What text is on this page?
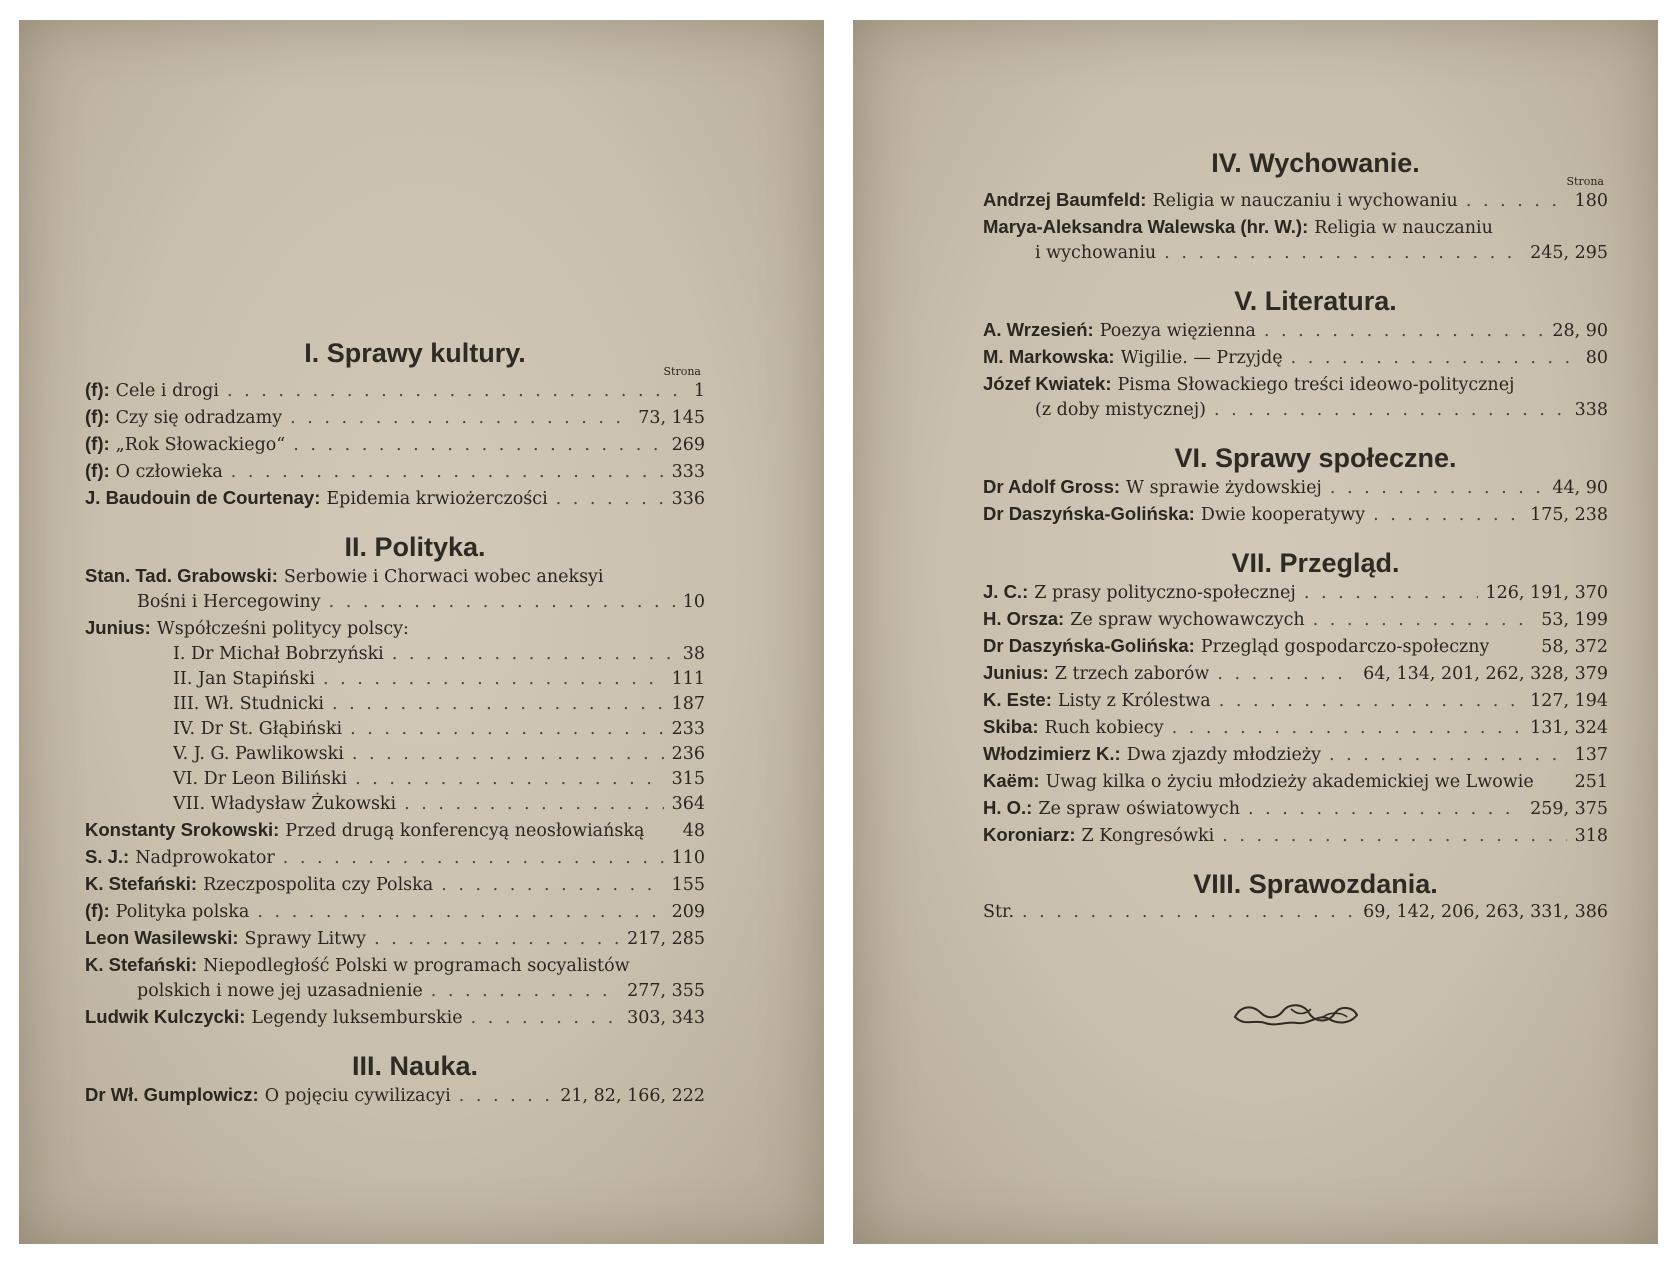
I. Sprawy kultury.
Strona
(f): Cele i drogi . . .	1
(f): Czy się odradzamy . . .	73, 145
(f): „Rok Słowackiego“ . . .	269
(f): O człowieka . . .	333
J. Baudouin de Courtenay: Epidemia krwiożerczości . . .	336
II. Polityka.
Stan. Tad. Grabowski: Serbowie i Chorwaci wobec aneksyi
Bośni i Hercegowiny . . .	10
Junius: Współcześni politycy polscy:
I. Dr Michał Bobrzyński . . .	38
II. Jan Stapiński . . .	111
III. Wł. Studnicki . . .	187
IV. Dr St. Głąbiński . . .	233
V. J. G. Pawlikowski . . .	236
VI. Dr Leon Biliński . . .	315
VII. Władysław Żukowski . . .	364
Konstanty Srokowski: Przed drugą konferencyą neosłowiańską 48
S. J.: Nadprowokator . . .	110
K. Stefański: Rzeczpospolita czy Polska . . .	155
(f): Polityka polska . . .	209
Leon Wasilewski: Sprawy Litwy . . .	217, 285
K. Stefański: Niepodległość Polski w programach socyalistów
polskich i nowe jej uzasadnienie . . .	277, 355
Ludwik Kulczycki: Legendy luksemburskie . . .	303, 343
III. Nauka.
Dr Wł. Gumplowicz: O pojęciu cywilizacyi . . .	21, 82, 166, 222
IV. Wychowanie.
Strona
Andrzej Baumfeld: Religia w nauczaniu i wychowaniu . . .	180
Marya-Aleksandra Walewska (hr. W.): Religia w nauczaniu
i wychowaniu . . .	245, 295
V. Literatura.
A. Wrzesień: Poezya więzienna . . .	28, 90
M. Markowska: Wigilie. — Przyjdę . . .	80
Józef Kwiatek: Pisma Słowackiego treści ideowo-politycznej
(z doby mistycznej) . . .	338
VI. Sprawy społeczne.
Dr Adolf Gross: W sprawie żydowskiej . . .	44, 90
Dr Daszyńska-Golińska: Dwie kooperatywy . . .	175, 238
VII. Przegląd.
J. C.: Z prasy polityczno-społecznej . . .	126, 191, 370
H. Orsza: Ze spraw wychowawczych . . .	53, 199
Dr Daszyńska-Golińska: Przegląd gospodarczo-społeczny	58, 372
Junius: Z trzech zaborów . . .	64, 134, 201, 262, 328, 379
K. Este: Listy z Królestwa . . .	127, 194
Skiba: Ruch kobiecy . . .	131, 324
Włodzimierz K.: Dwa zjazdy młodzieży . . .	137
Kaëm: Uwag kilka o życiu młodzieży akademickiej we Lwowie 251
H. O.: Ze spraw oświatowych . . .	259, 375
Koroniarz: Z Kongresówki . . .	318
VIII. Sprawozdania.
Str. . . .	69, 142, 206, 263, 331, 386
